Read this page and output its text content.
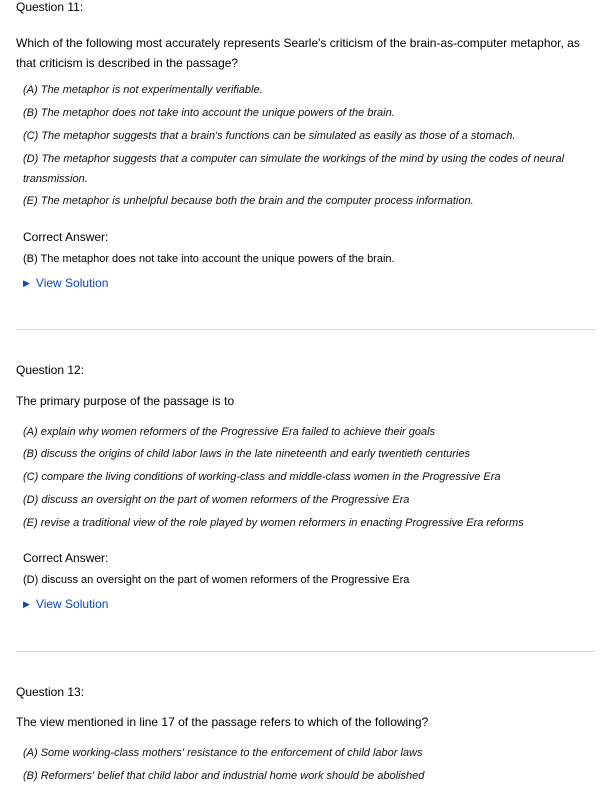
Question 11:
Which of the following most accurately represents Searle's criticism of the brain-as-computer metaphor, as that criticism is described in the passage?
(A) The metaphor is not experimentally verifiable.
(B) The metaphor does not take into account the unique powers of the brain.
(C) The metaphor suggests that a brain's functions can be simulated as easily as those of a stomach.
(D) The metaphor suggests that a computer can simulate the workings of the mind by using the codes of neural transmission.
(E) The metaphor is unhelpful because both the brain and the computer process information.
Correct Answer:
(B) The metaphor does not take into account the unique powers of the brain.
▶ View Solution
Question 12:
The primary purpose of the passage is to
(A) explain why women reformers of the Progressive Era failed to achieve their goals
(B) discuss the origins of child labor laws in the late nineteenth and early twentieth centuries
(C) compare the living conditions of working-class and middle-class women in the Progressive Era
(D) discuss an oversight on the part of women reformers of the Progressive Era
(E) revise a traditional view of the role played by women reformers in enacting Progressive Era reforms
Correct Answer:
(D) discuss an oversight on the part of women reformers of the Progressive Era
▶ View Solution
Question 13:
The view mentioned in line 17 of the passage refers to which of the following?
(A) Some working-class mothers' resistance to the enforcement of child labor laws
(B) Reformers' belief that child labor and industrial home work should be abolished
